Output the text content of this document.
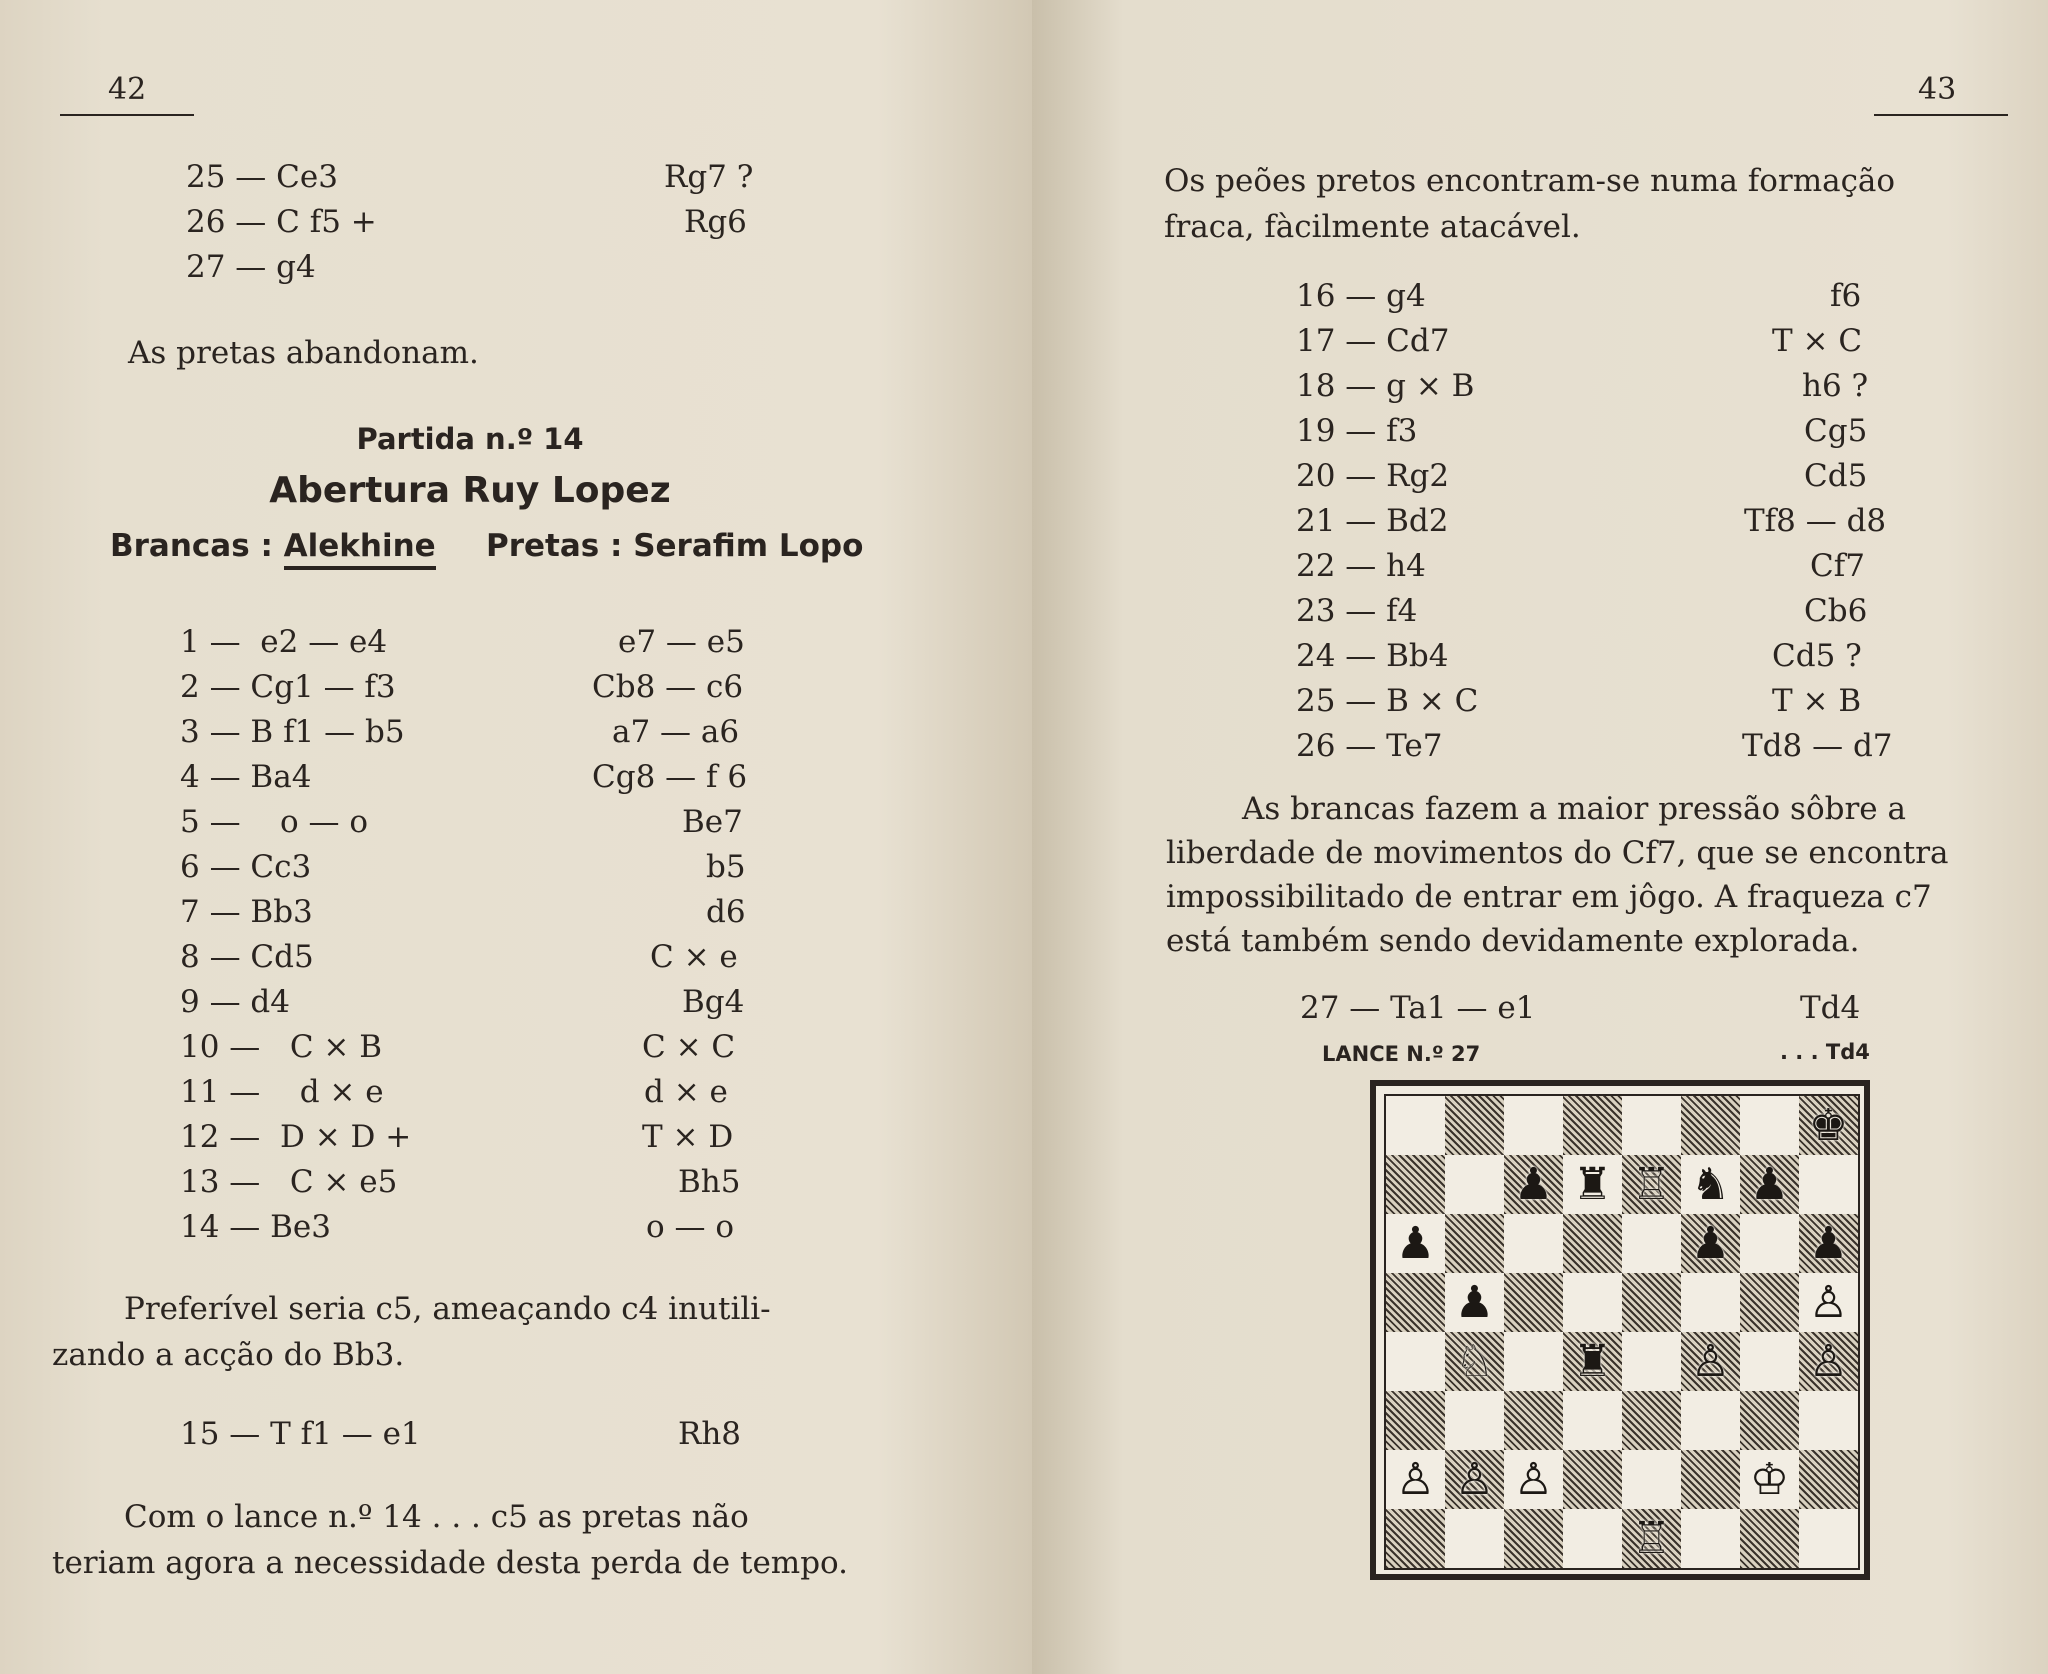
42
25 — Ce3	Rg7 ?
26 — C f5 +	Rg6
27 — g4
As pretas abandonam.
Partida n.º 14
Abertura Ruy Lopez
Brancas : Alekhine Pretas : Serafim Lopo
1 —  e2 — e4	e7 — e5
2 — Cg1 — f3	Cb8 — c6
3 — B f1 — b5	a7 — a6
4 — Ba4	Cg8 — f 6
5 —    o — o	Be7
6 — Cc3	b5
7 — Bb3	d6
8 — Cd5	C × e
9 — d4	Bg4
10 —   C × B	C × C
11 —    d × e	d × e
12 —  D × D +	T × D
13 —   C × e5	Bh5
14 — Be3	o — o
Preferível seria c5, ameaçando c4 inutili-
zando a acção do Bb3.
15 — T f1 — e1	Rh8
Com o lance n.º 14 . . . c5 as pretas não
teriam agora a necessidade desta perda de tempo.
43
Os peões pretos encontram-se numa formação
fraca, fàcilmente atacável.
16 — g4	f6
17 — Cd7	T × C
18 — g × B	h6 ?
19 — f3	Cg5
20 — Rg2	Cd5
21 — Bd2	Tf8 — d8
22 — h4	Cf7
23 — f4	Cb6
24 — Bb4	Cd5 ?
25 — B × C	T × B
26 — Te7	Td8 — d7
As brancas fazem a maior pressão sôbre a
liberdade de movimentos do Cf7, que se encontra
impossibilitado de entrar em jôgo. A fraqueza c7
está também sendo devidamente explorada.
27 — Ta1 — e1	Td4
LANCE N.º 27	. . . Td4
♚
♟ ♜ ♖ ♞ ♟
♟	♟ ♟
♟	♙
♘ ♜ ♙ ♙
♙ ♙ ♙	♔
♖
